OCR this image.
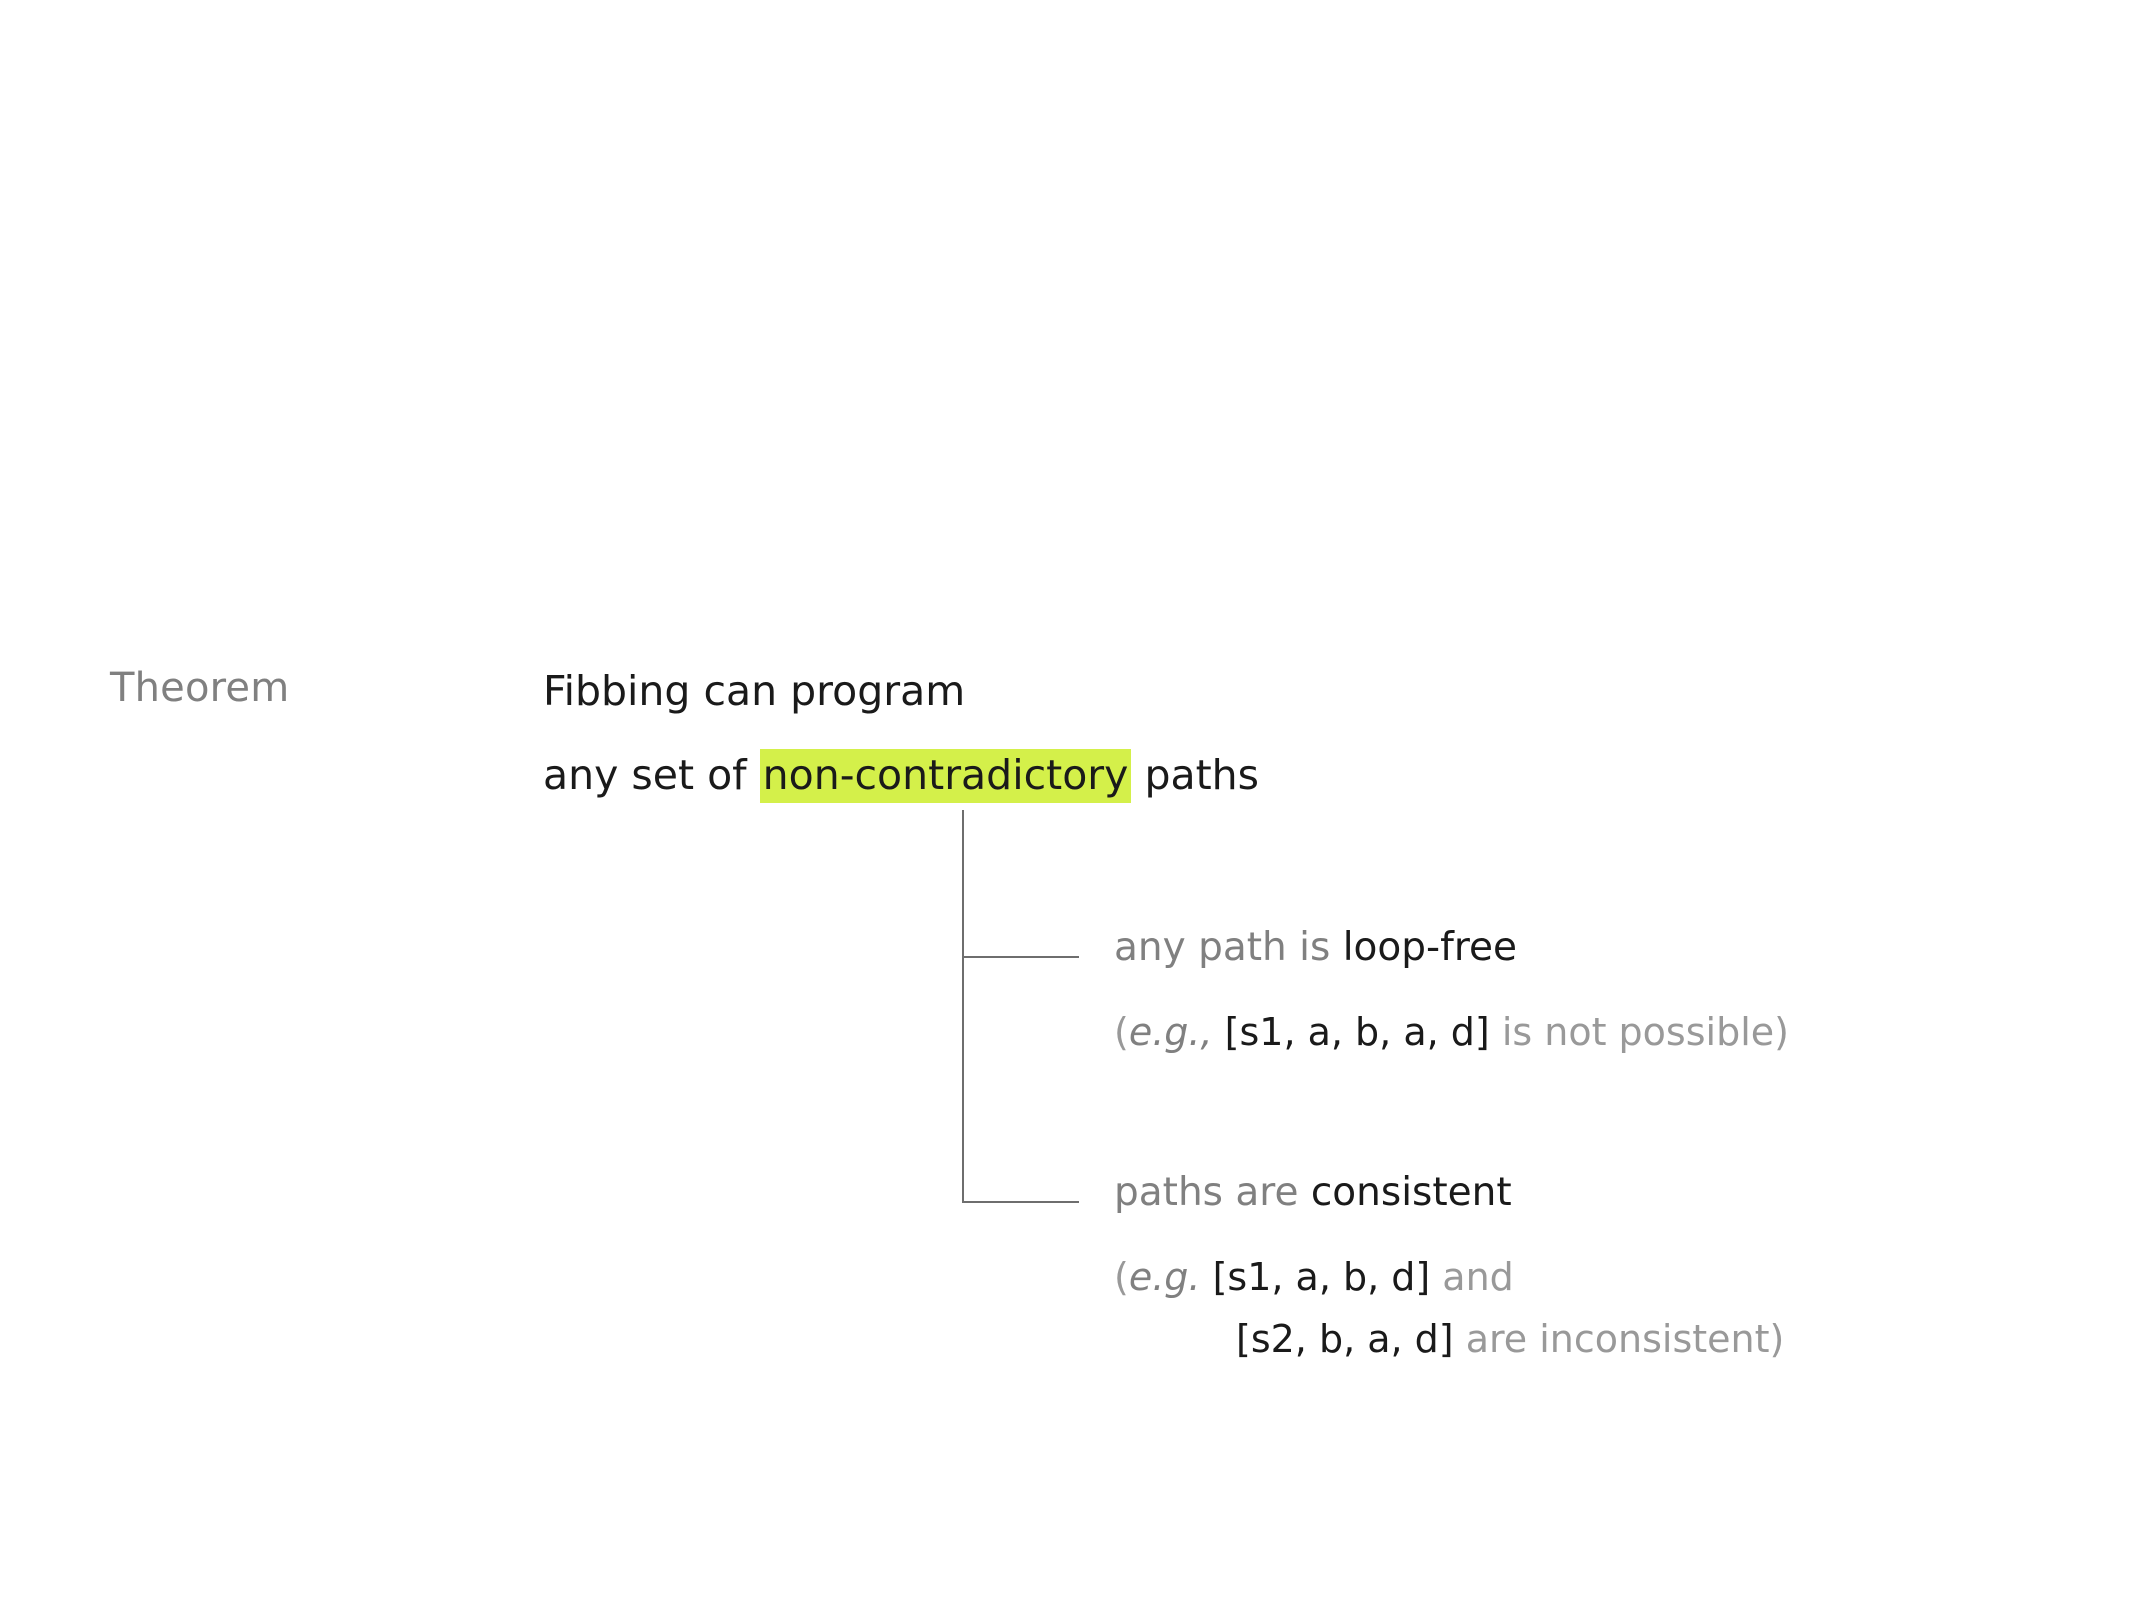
Theorem	Fibbing can program
any set of non-contradictory paths
any path is loop-free
(e.g., [s1, a, b, a, d] is not possible)
paths are consistent
(e.g. [s1, a, b, d] and
[s2, b, a, d] are inconsistent)
